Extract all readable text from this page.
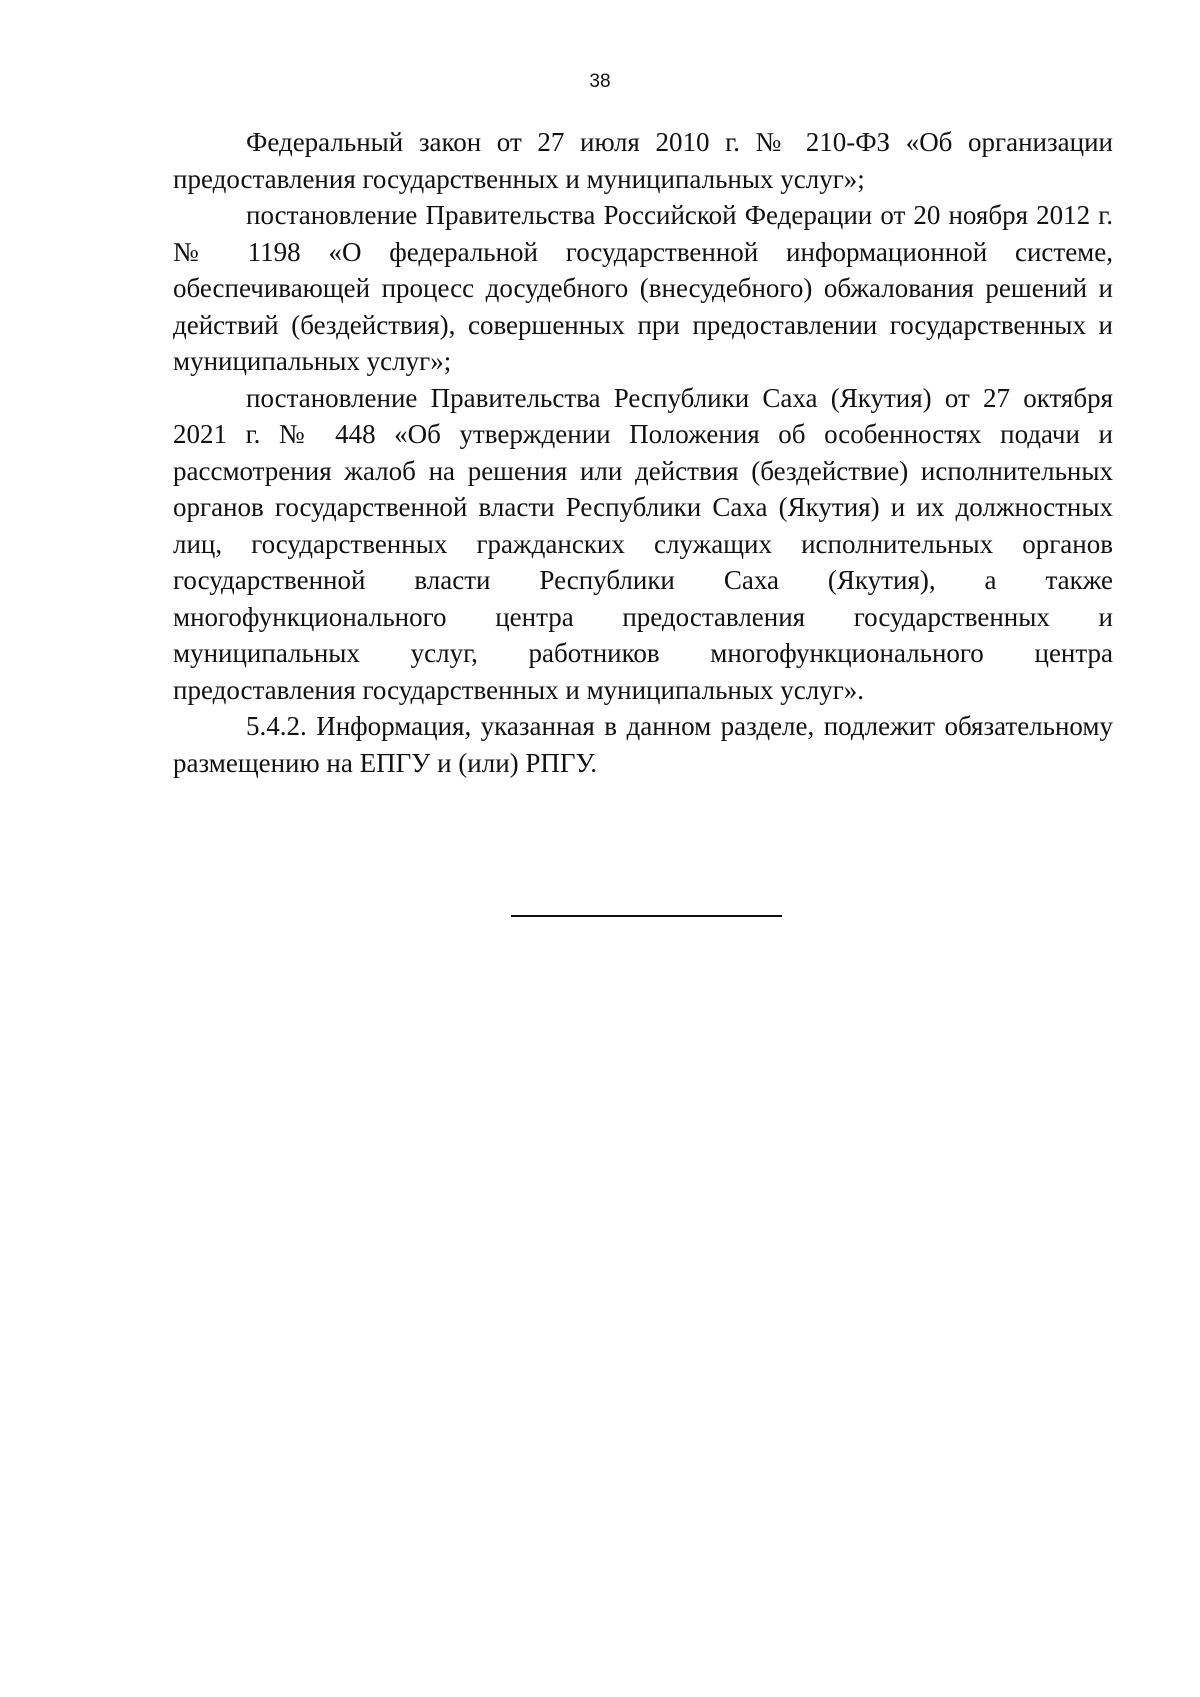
38

Федеральный закон от 27 июля 2010 г. № 210-ФЗ «Об организации предоставления государственных и муниципальных услуг»;

постановление Правительства Российской Федерации от 20 ноября 2012 г. № 1198 «О федеральной государственной информационной системе, обеспечивающей процесс досудебного (внесудебного) обжалования решений и действий (бездействия), совершенных при предоставлении государственных и муниципальных услуг»;

постановление Правительства Республики Саха (Якутия) от 27 октября 2021 г. № 448 «Об утверждении Положения об особенностях подачи и рассмотрения жалоб на решения или действия (бездействие) исполнительных органов государственной власти Республики Саха (Якутия) и их должностных лиц, государственных гражданских служащих исполнительных органов государственной власти Республики Саха (Якутия), а также многофункционального центра предоставления государственных и муниципальных услуг, работников многофункционального центра предоставления государственных и муниципальных услуг».

5.4.2. Информация, указанная в данном разделе, подлежит обязательному размещению на ЕПГУ и (или) РПГУ.
